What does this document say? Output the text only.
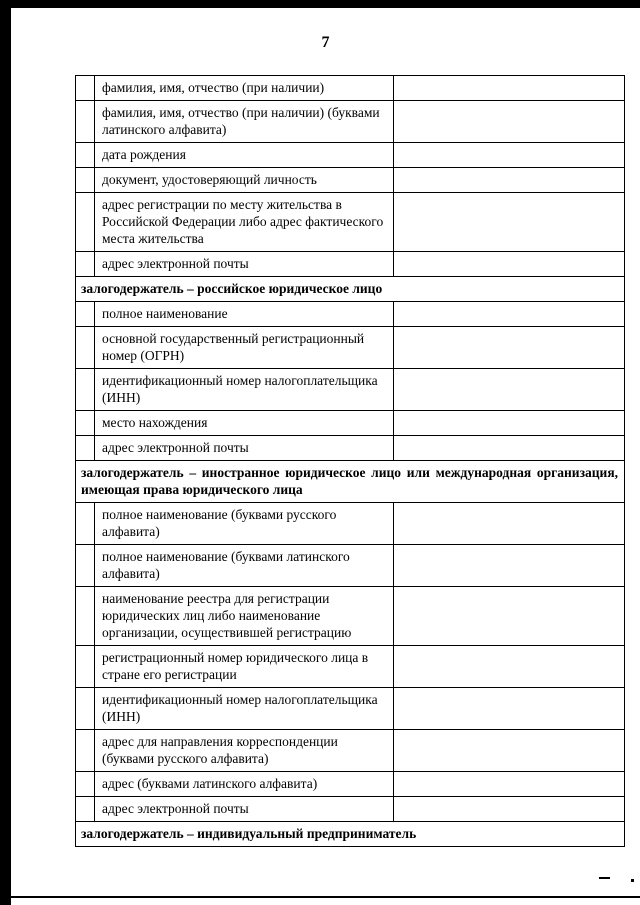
7
	фамилия, имя, отчество (при наличии)	
	фамилия, имя, отчество (при наличии) (буквами латинского алфавита)	
	дата рождения	
	документ, удостоверяющий личность	
	адрес регистрации по месту жительства в Российской Федерации либо адрес фактического места жительства	
	адрес электронной почты	
залогодержатель – российское юридическое лицо		
	полное наименование	
	основной государственный регистрационный номер (ОГРН)	
	идентификационный номер налогоплательщика (ИНН)	
	место нахождения	
	адрес электронной почты	
залогодержатель – иностранное юридическое лицо или международная организация, имеющая права юридического лица		
	полное наименование (буквами русского алфавита)	
	полное наименование (буквами латинского алфавита)	
	наименование реестра для регистрации юридических лиц либо наименование организации, осуществившей регистрацию	
	регистрационный номер юридического лица в стране его регистрации	
	идентификационный номер налогоплательщика (ИНН)	
	адрес для направления корреспонденции (буквами русского алфавита)	
	адрес (буквами латинского алфавита)	
	адрес электронной почты	
залогодержатель – индивидуальный предприниматель		
